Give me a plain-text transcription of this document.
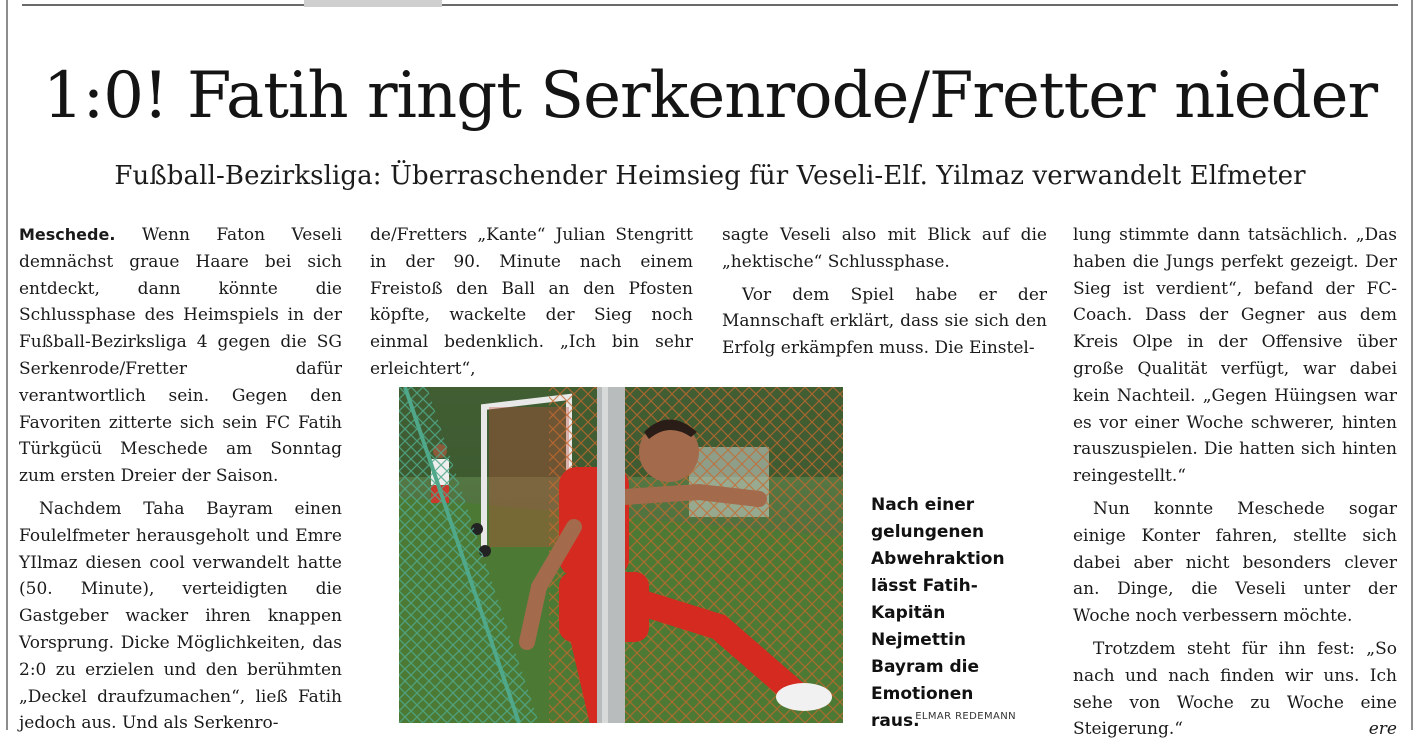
1:0! Fatih ringt Serkenrode/Fretter nieder
Fußball-Bezirksliga: Überraschender Heimsieg für Veseli-Elf. Yilmaz verwandelt Elfmeter

Meschede. Wenn Faton Veseli demnächst graue Haare bei sich entdeckt, dann könnte die Schlussphase des Heimspiels in der Fußball-Bezirksliga 4 gegen die SG Serkenrode/Fretter dafür verantwortlich sein. Gegen den Favoriten zitterte sich sein FC Fatih Türkgücü Meschede am Sonntag zum ersten Dreier der Saison.

Nachdem Taha Bayram einen Foulelfmeter herausgeholt und Emre YIlmaz diesen cool verwandelt hatte (50. Minute), verteidigten die Gastgeber wacker ihren knappen Vorsprung. Dicke Möglichkeiten, das 2:0 zu erzielen und den berühmten „Deckel draufzumachen“, ließ Fatih jedoch aus. Und als Serkenro-

de/Fretters „Kante“ Julian Stengritt in der 90. Minute nach einem Freistoß den Ball an den Pfosten köpfte, wackelte der Sieg noch einmal bedenklich. „Ich bin sehr erleichtert“,

sagte Veseli also mit Blick auf die „hektische“ Schlussphase.

Vor dem Spiel habe er der Mannschaft erklärt, dass sie sich den Erfolg erkämpfen muss. Die Einstel-

lung stimmte dann tatsächlich. „Das haben die Jungs perfekt gezeigt. Der Sieg ist verdient“, befand der FC-Coach. Dass der Gegner aus dem Kreis Olpe in der Offensive über große Qualität verfügt, war dabei kein Nachteil. „Gegen Hüingsen war es vor einer Woche schwerer, hinten rauszuspielen. Die hatten sich hinten reingestellt.“

Nun konnte Meschede sogar einige Konter fahren, stellte sich dabei aber nicht besonders clever an. Dinge, die Veseli unter der Woche noch verbessern möchte.

Trotzdem steht für ihn fest: „So nach und nach finden wir uns. Ich sehe von Woche zu Woche eine Steigerung.“	ere

Nach einer gelungenen Abwehraktion lässt Fatih-Kapitän Nejmettin Bayram die Emotionen raus.

ELMAR REDEMANN
